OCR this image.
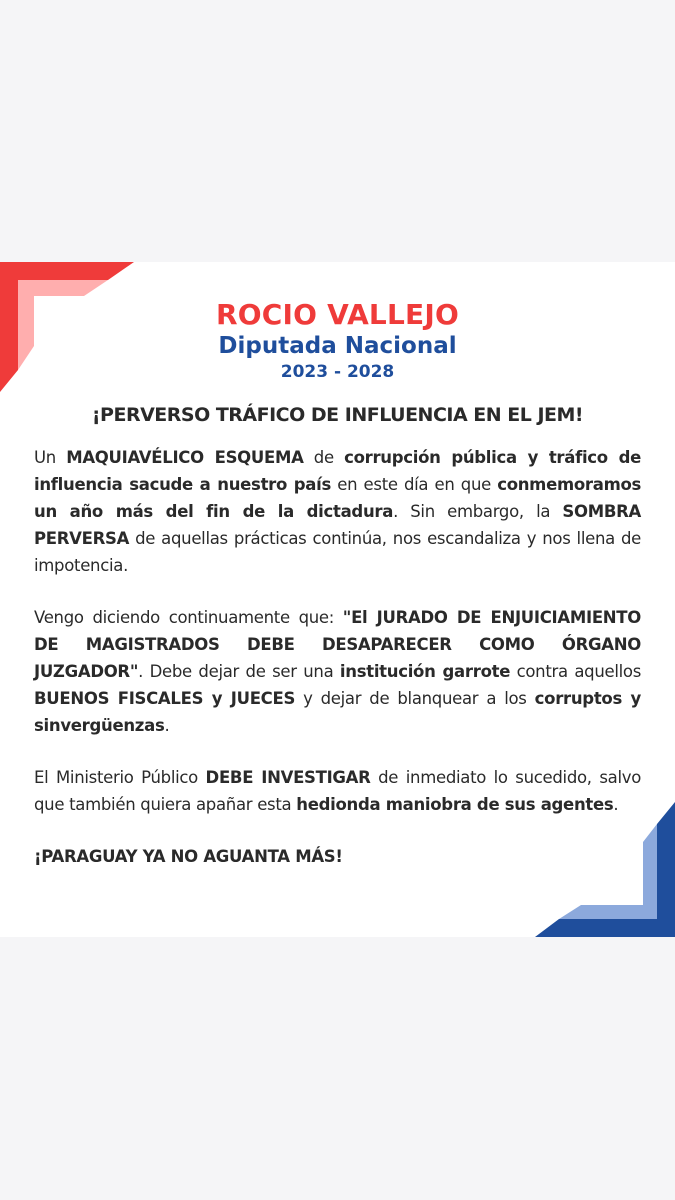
ROCIO VALLEJO
Diputada Nacional
2023 - 2028
¡PERVERSO TRÁFICO DE INFLUENCIA EN EL JEM!

Un MAQUIAVÉLICO ESQUEMA de corrupción pública y tráfico de influencia sacude a nuestro país en este día en que conmemoramos un año más del fin de la dictadura. Sin embargo, la SOMBRA PERVERSA de aquellas prácticas continúa, nos escandaliza y nos llena de impotencia.

Vengo diciendo continuamente que: "El JURADO DE ENJUICIAMIENTO DE MAGISTRADOS DEBE DESAPARECER COMO ÓRGANO JUZGADOR". Debe dejar de ser una institución garrote contra aquellos BUENOS FISCALES y JUECES y dejar de blanquear a los corruptos y sinvergüenzas.

El Ministerio Público DEBE INVESTIGAR de inmediato lo sucedido, salvo que también quiera apañar esta hedionda maniobra de sus agentes.

¡PARAGUAY YA NO AGUANTA MÁS!
